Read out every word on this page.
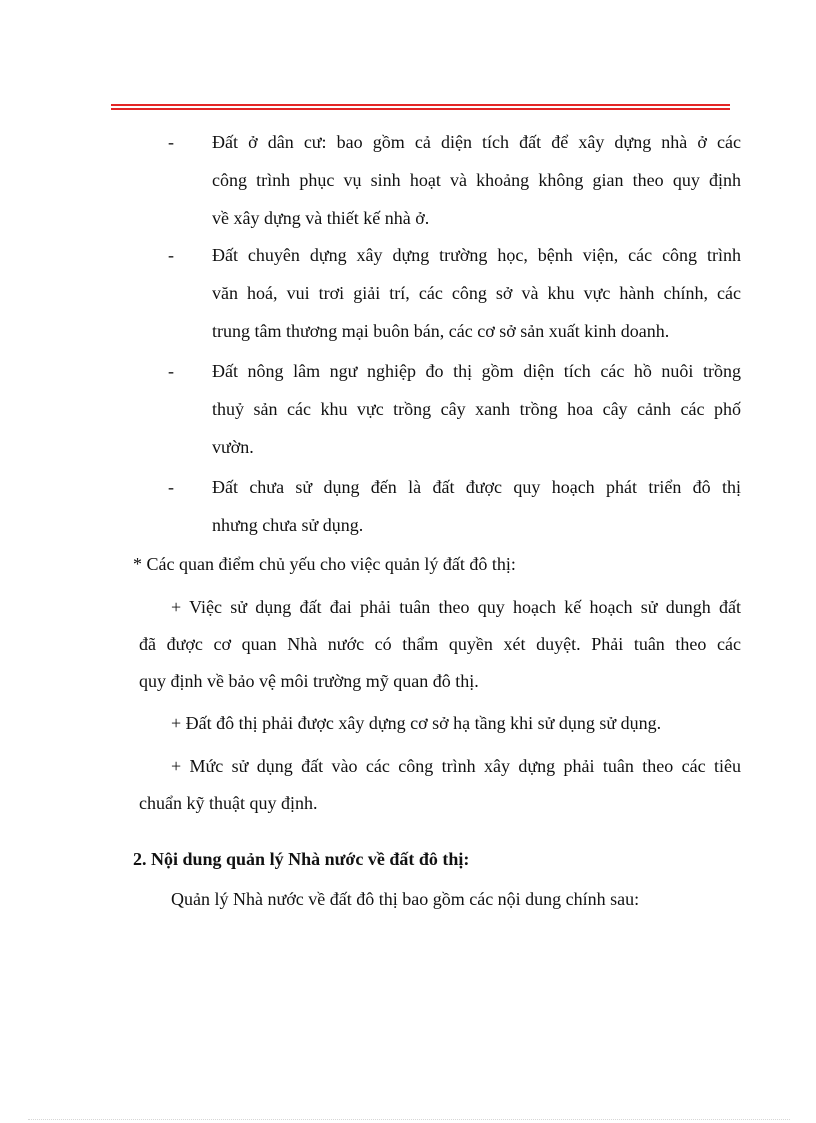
- Đất ở dân cư: bao gồm cả diện tích đất để xây dựng nhà ở các
công trình phục vụ sinh hoạt và khoảng không gian theo quy định
về xây dựng và thiết kế nhà ở.
- Đất chuyên dựng xây dựng trường học, bệnh viện, các công trình
văn hoá, vui trơi giải trí, các công sở và khu vực hành chính, các
trung tâm thương mại buôn bán, các cơ sở sản xuất kinh doanh.
- Đất nông lâm ngư nghiệp đo thị gồm diện tích các hồ nuôi trồng
thuỷ sản các khu vực trồng cây xanh trồng hoa cây cảnh các phố
vườn.
- Đất chưa sử dụng đến là đất được quy hoạch phát triển đô thị
nhưng chưa sử dụng.
* Các quan điểm chủ yếu cho việc quản lý đất đô thị:
+ Việc sử dụng đất đai phải tuân theo quy hoạch kế hoạch sử dungh đất
đã được cơ quan Nhà nước có thẩm quyền xét duyệt. Phải tuân theo các
quy định về bảo vệ môi trường mỹ quan đô thị.
+ Đất đô thị phải được xây dựng cơ sở hạ tầng khi sử dụng sử dụng.
+ Mức sử dụng đất vào các công trình xây dựng phải tuân theo các tiêu
chuẩn kỹ thuật quy định.
2. Nội dung quản lý Nhà nước về đất đô thị:
Quản lý Nhà nước về đất đô thị bao gồm các nội dung chính sau:
